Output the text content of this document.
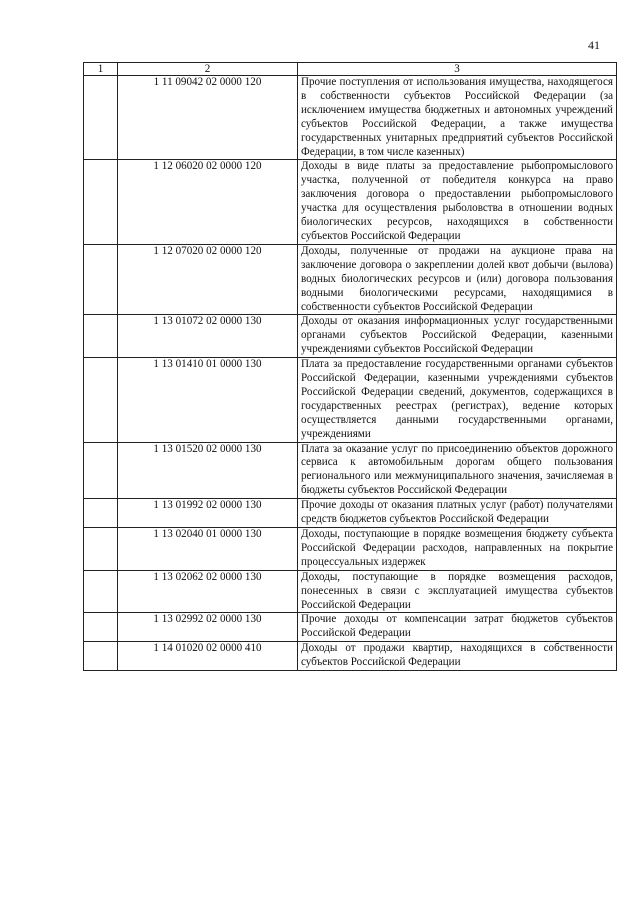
41
1	2	3
	1 11 09042 02 0000 120	Прочие поступления от использования имущества, находящегося в собственности субъектов Российской Федерации (за исключением имущества бюджетных и автономных учреждений субъектов Российской Федерации, а также имущества государственных унитарных предприятий субъектов Российской Федерации, в том числе казенных)
	1 12 06020 02 0000 120	Доходы в виде платы за предоставление рыбопромыслового участка, полученной от победителя конкурса на право заключения договора о предоставлении рыбопромыслового участка для осуществления рыболовства в отношении водных биологических ресурсов, находящихся в собственности субъектов Российской Федерации
	1 12 07020 02 0000 120	Доходы, полученные от продажи на аукционе права на заключение договора о закреплении долей квот добычи (вылова) водных биологических ресурсов и (или) договора пользования водными биологическими ресурсами, находящимися в собственности субъектов Российской Федерации
	1 13 01072 02 0000 130	Доходы от оказания информационных услуг государственными органами субъектов Российской Федерации, казенными учреждениями субъектов Российской Федерации
	1 13 01410 01 0000 130	Плата за предоставление государственными органами субъектов Российской Федерации, казенными учреждениями субъектов Российской Федерации сведений, документов, содержащихся в государственных реестрах (регистрах), ведение которых осуществляется данными государственными органами, учреждениями
	1 13 01520 02 0000 130	Плата за оказание услуг по присоединению объектов дорожного сервиса к автомобильным дорогам общего пользования регионального или межмуниципального значения, зачисляемая в бюджеты субъектов Российской Федерации
	1 13 01992 02 0000 130	Прочие доходы от оказания платных услуг (работ) получателями средств бюджетов субъектов Российской Федерации
	1 13 02040 01 0000 130	Доходы, поступающие в порядке возмещения бюджету субъекта Российской Федерации расходов, направленных на покрытие процессуальных издержек
	1 13 02062 02 0000 130	Доходы, поступающие в порядке возмещения расходов, понесенных в связи с эксплуатацией имущества субъектов Российской Федерации
	1 13 02992 02 0000 130	Прочие доходы от компенсации затрат бюджетов субъектов Российской Федерации
	1 14 01020 02 0000 410	Доходы от продажи квартир, находящихся в собственности субъектов Российской Федерации
